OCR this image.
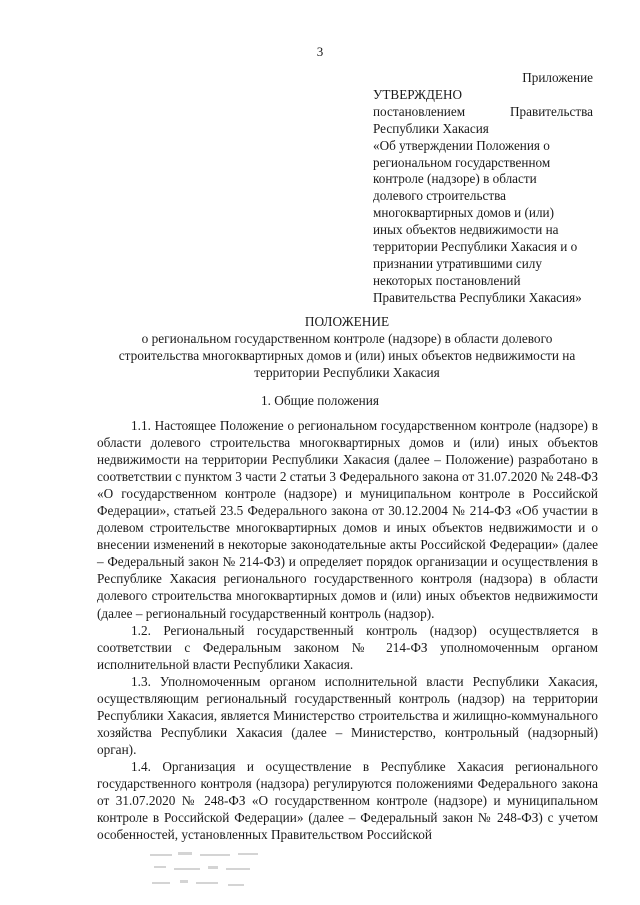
3
Приложение
УТВЕРЖДЕНО
постановлением Правительства
Республики Хакасия
«Об утверждении Положения о
региональном государственном
контроле (надзоре) в области
долевого строительства
многоквартирных домов и (или)
иных объектов недвижимости на
территории Республики Хакасия и о
признании утратившими силу
некоторых постановлений
Правительства Республики Хакасия»
ПОЛОЖЕНИЕ
о региональном государственном контроле (надзоре) в области долевого
строительства многоквартирных домов и (или) иных объектов недвижимости на
территории Республики Хакасия
1. Общие положения

1.1. Настоящее Положение о региональном государственном контроле (надзоре) в области долевого строительства многоквартирных домов и (или) иных объектов недвижимости на территории Республики Хакасия (далее – Положение) разработано в соответствии с пунктом 3 части 2 статьи 3 Федерального закона от 31.07.2020 № 248-ФЗ «О государственном контроле (надзоре) и муниципальном контроле в Российской Федерации», статьей 23.5 Федерального закона от 30.12.2004 № 214-ФЗ «Об участии в долевом строительстве многоквартирных домов и иных объектов недвижимости и о внесении изменений в некоторые законодательные акты Российской Федерации» (далее – Федеральный закон № 214-ФЗ) и определяет порядок организации и осуществления в Республике Хакасия регионального государственного контроля (надзора) в области долевого строительства многоквартирных домов и (или) иных объектов недвижимости (далее – региональный государственный контроль (надзор).

1.2. Региональный государственный контроль (надзор) осуществляется в соответствии с Федеральным законом № 214-ФЗ уполномоченным органом исполнительной власти Республики Хакасия.

1.3. Уполномоченным органом исполнительной власти Республики Хакасия, осуществляющим региональный государственный контроль (надзор) на территории Республики Хакасия, является Министерство строительства и жилищно-коммунального хозяйства Республики Хакасия (далее – Министерство, контрольный (надзорный) орган).

1.4. Организация и осуществление в Республике Хакасия регионального государственного контроля (надзора) регулируются положениями Федерального закона от 31.07.2020 № 248-ФЗ «О государственном контроле (надзоре) и муниципальном контроле в Российской Федерации» (далее – Федеральный закон № 248-ФЗ) с учетом особенностей, установленных Правительством Российской
